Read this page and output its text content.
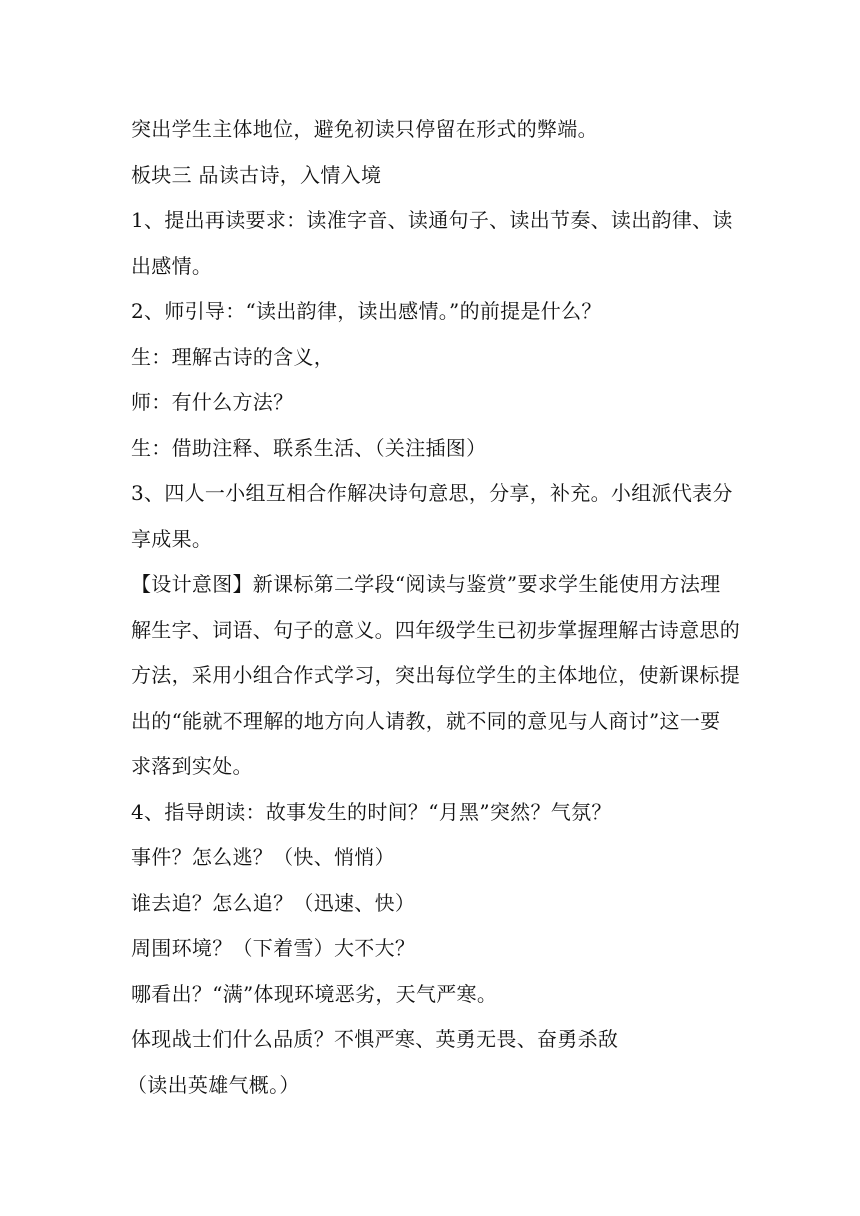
突出学生主体地位，避免初读只停留在形式的弊端。
板块三 品读古诗，入情入境
1、提出再读要求：读准字音、读通句子、读出节奏、读出韵律、读
出感情。
2、师引导：“读出韵律，读出感情。”的前提是什么？
生：理解古诗的含义，
师：有什么方法？
生：借助注释、联系生活、（关注插图）
3、四人一小组互相合作解决诗句意思，分享，补充。小组派代表分
享成果。
【设计意图】新课标第二学段“阅读与鉴赏”要求学生能使用方法理
解生字、词语、句子的意义。四年级学生已初步掌握理解古诗意思的
方法，采用小组合作式学习，突出每位学生的主体地位，使新课标提
出的“能就不理解的地方向人请教，就不同的意见与人商讨”这一要
求落到实处。
4、指导朗读：故事发生的时间？“月黑”突然？气氛？
事件？怎么逃？（快、悄悄）
谁去追？怎么追？（迅速、快）
周围环境？（下着雪）大不大？
哪看出？“满”体现环境恶劣，天气严寒。
体现战士们什么品质？不惧严寒、英勇无畏、奋勇杀敌
（读出英雄气概。）
